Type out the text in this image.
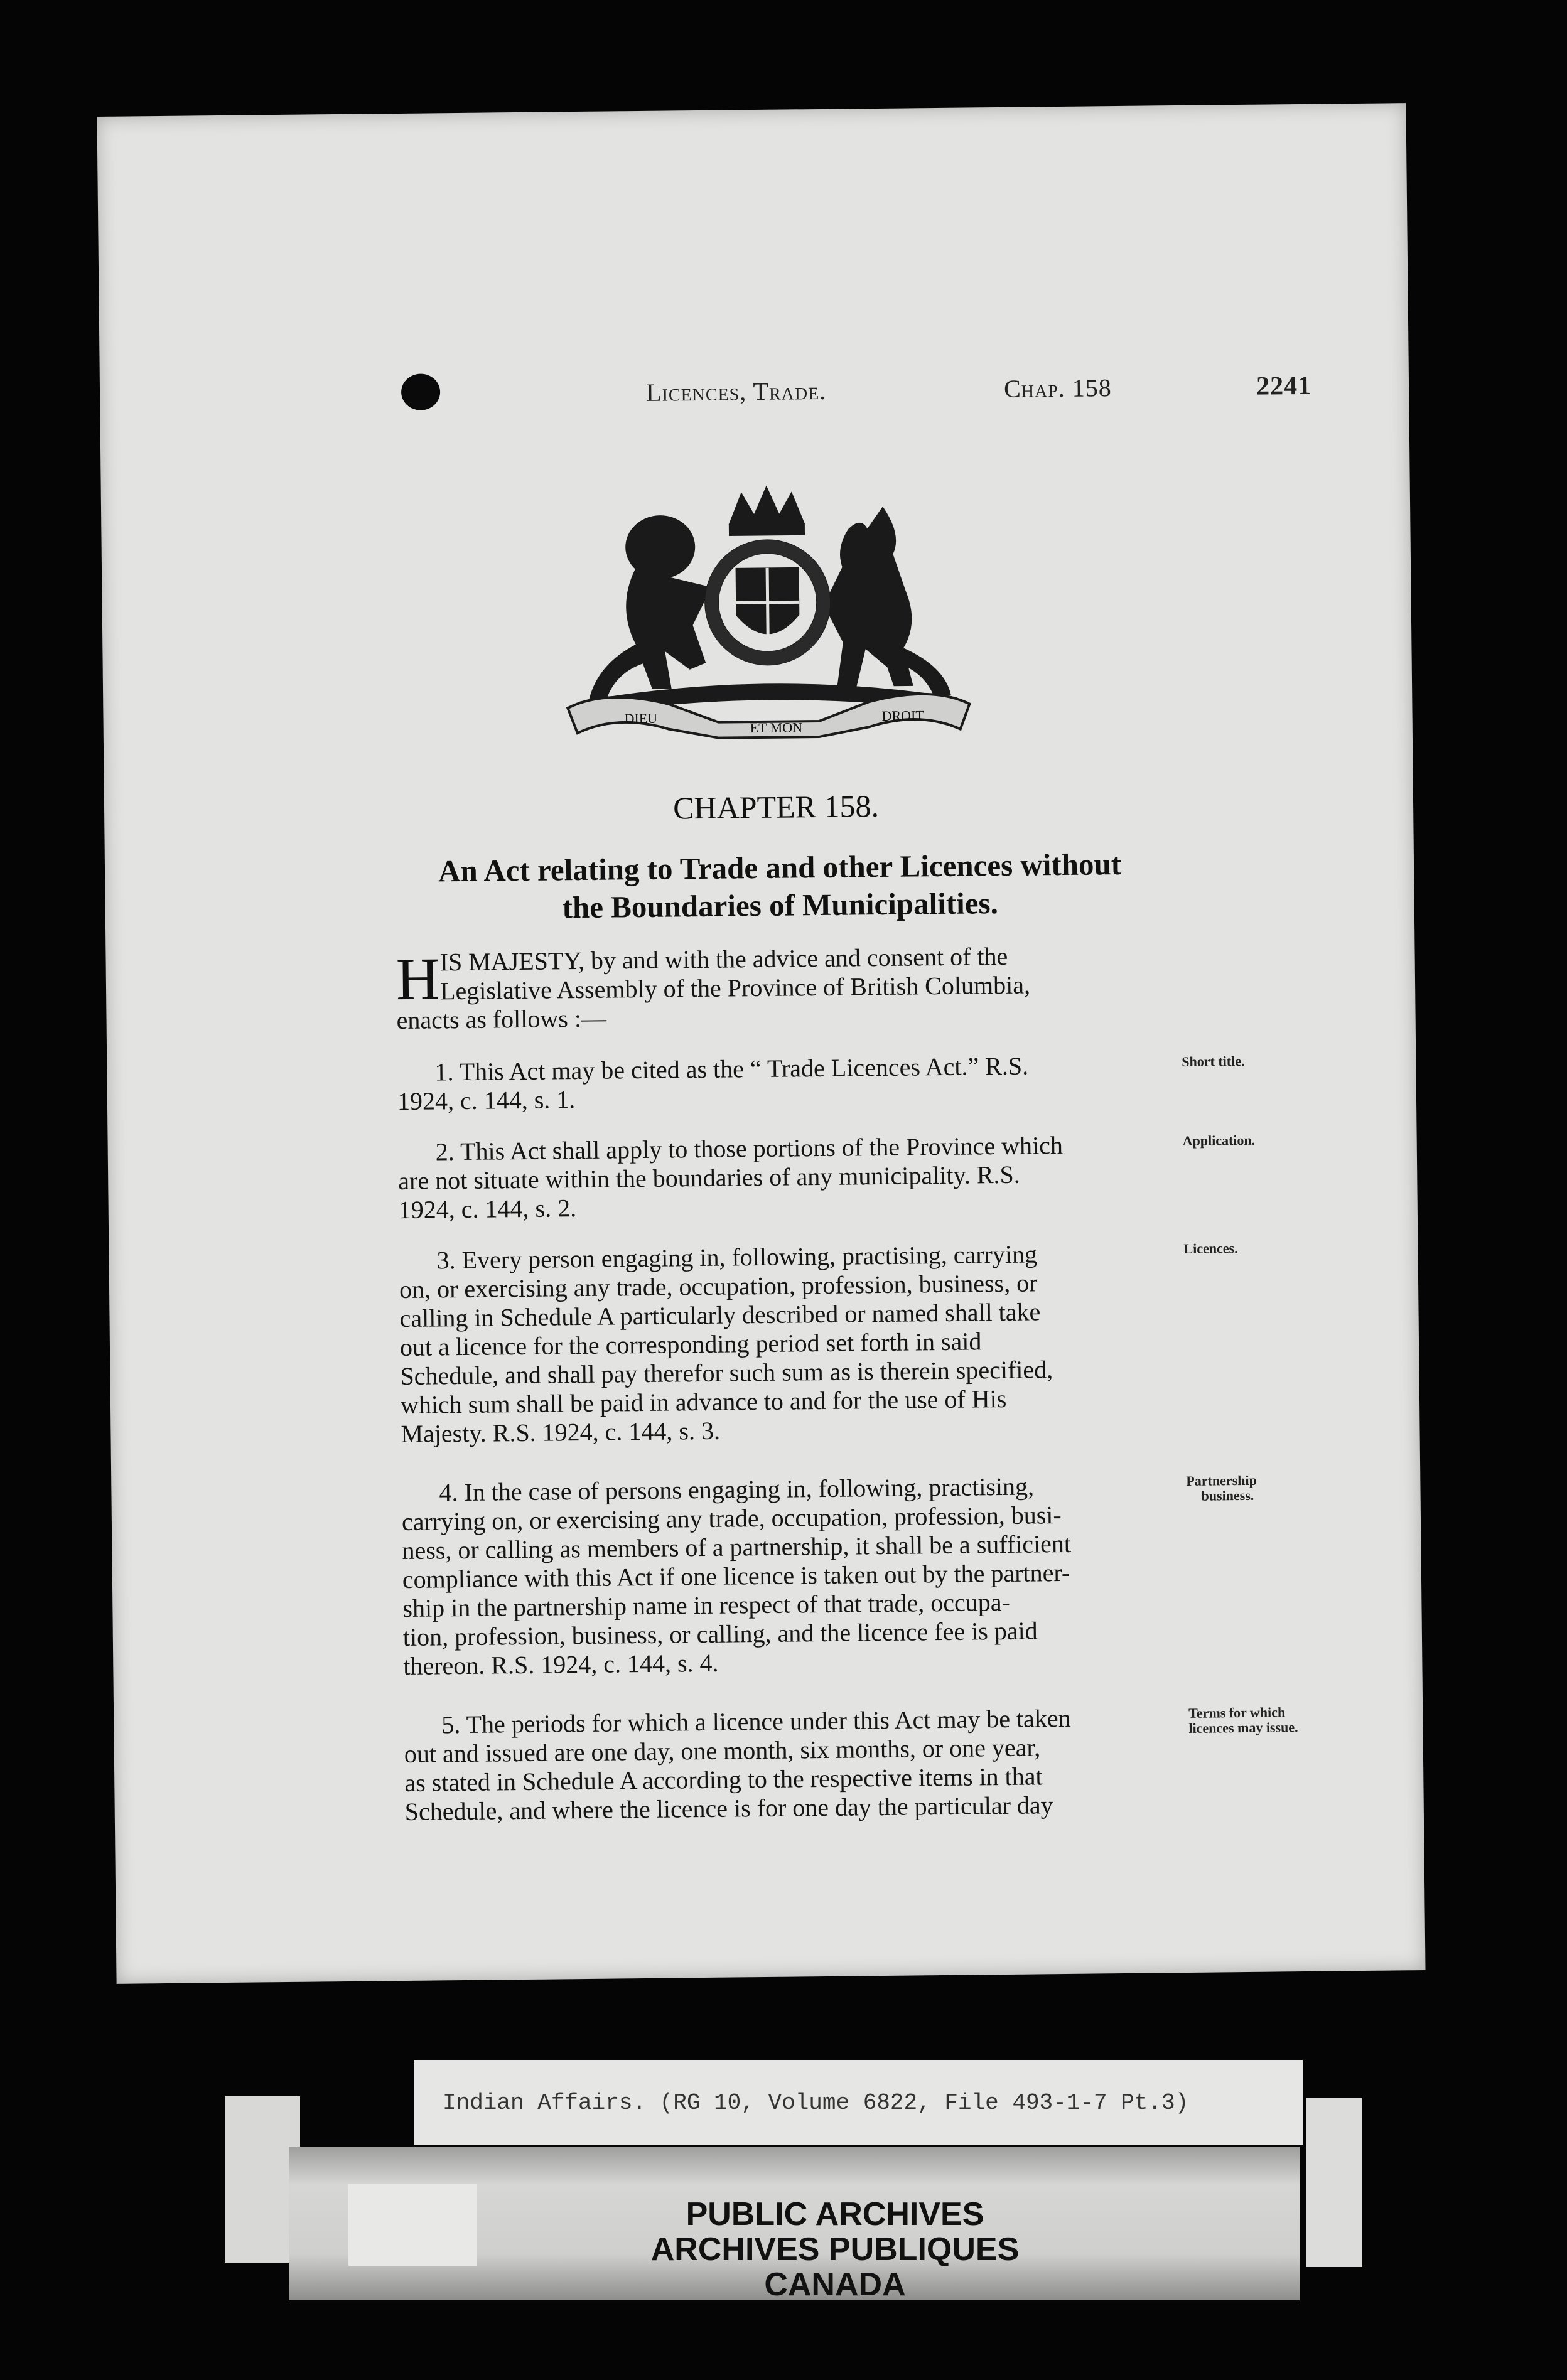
Licences, Trade.	Chap. 158	2241
DIEU
ET MON
DROIT
CHAPTER 158.
An Act relating to Trade and other Licences without
the Boundaries of Municipalities.
H IS MAJESTY, by and with the advice and consent of the
Legislative Assembly of the Province of British Columbia,
enacts as follows :—
1. This Act may be cited as the “ Trade Licences Act.” R.S.
1924, c. 144, s. 1.
Short title.
2. This Act shall apply to those portions of the Province which
are not situate within the boundaries of any municipality. R.S.
1924, c. 144, s. 2.
Application.
3. Every person engaging in, following, practising, carrying
on, or exercising any trade, occupation, profession, business, or
calling in Schedule A particularly described or named shall take
out a licence for the corresponding period set forth in said
Schedule, and shall pay therefor such sum as is therein specified,
which sum shall be paid in advance to and for the use of His
Majesty. R.S. 1924, c. 144, s. 3.
Licences.
4. In the case of persons engaging in, following, practising,
carrying on, or exercising any trade, occupation, profession, busi-
ness, or calling as members of a partnership, it shall be a sufficient
compliance with this Act if one licence is taken out by the partner-
ship in the partnership name in respect of that trade, occupa-
tion, profession, business, or calling, and the licence fee is paid
thereon. R.S. 1924, c. 144, s. 4.
Partnership
business.
5. The periods for which a licence under this Act may be taken
out and issued are one day, one month, six months, or one year,
as stated in Schedule A according to the respective items in that
Schedule, and where the licence is for one day the particular day
Terms for which
licences may issue.
Indian Affairs. (RG 10, Volume 6822, File 493-1-7 Pt.3)
PUBLIC ARCHIVES
ARCHIVES PUBLIQUES
CANADA
